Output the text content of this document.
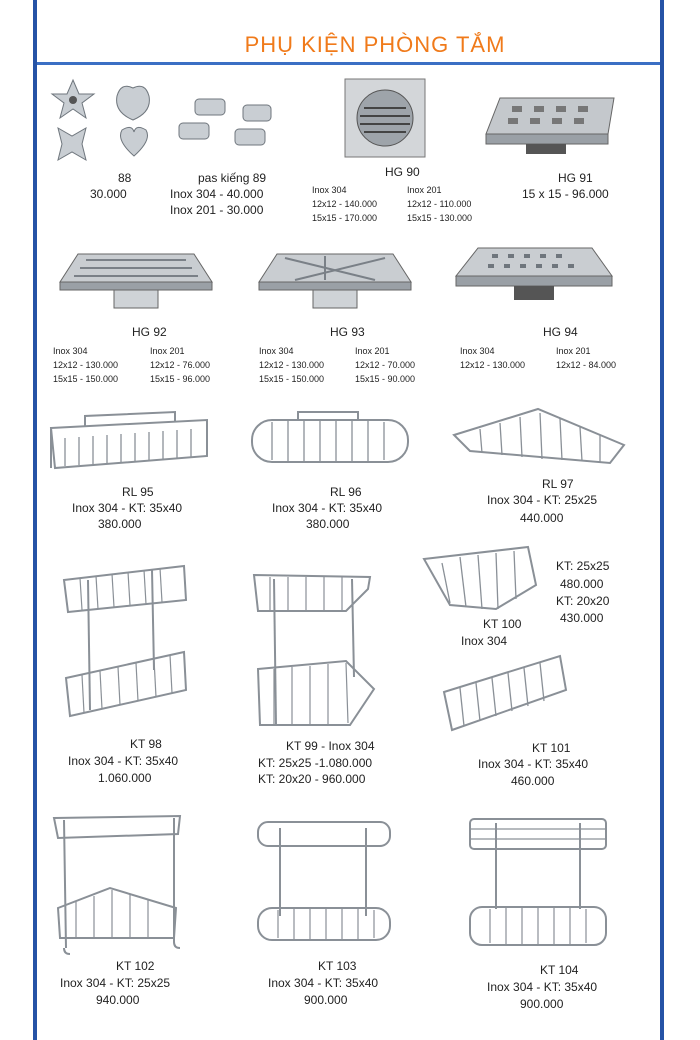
PHỤ KIỆN PHÒNG TẮM
88
30.000
pas kiếng 89
Inox 304 - 40.000
Inox 201 - 30.000
HG 90
Inox 304
12x12 - 140.000
15x15 - 170.000
Inox 201
12x12 - 110.000
15x15 - 130.000
HG 91
15 x 15 - 96.000
HG 92
Inox 304
12x12 - 130.000
15x15 - 150.000
Inox 201
12x12 - 76.000
15x15 - 96.000
HG 93
Inox 304
12x12 - 130.000
15x15 - 150.000
Inox 201
12x12 - 70.000
15x15 - 90.000
HG 94
Inox 304
12x12 - 130.000
Inox 201
12x12 - 84.000
RL 95
Inox 304 - KT: 35x40
380.000
RL 96
Inox 304 - KT: 35x40
380.000
RL 97
Inox 304 - KT: 25x25
440.000
KT 98
Inox 304 - KT: 35x40
1.060.000
KT 99 - Inox 304
KT: 25x25 -1.080.000
KT: 20x20 - 960.000
KT: 25x25
480.000
KT: 20x20
430.000
KT 100
Inox 304
KT 101
Inox 304 - KT: 35x40
460.000
KT 102
Inox 304 - KT: 25x25
940.000
KT 103
Inox 304 - KT: 35x40
900.000
KT 104
Inox 304 - KT: 35x40
900.000
